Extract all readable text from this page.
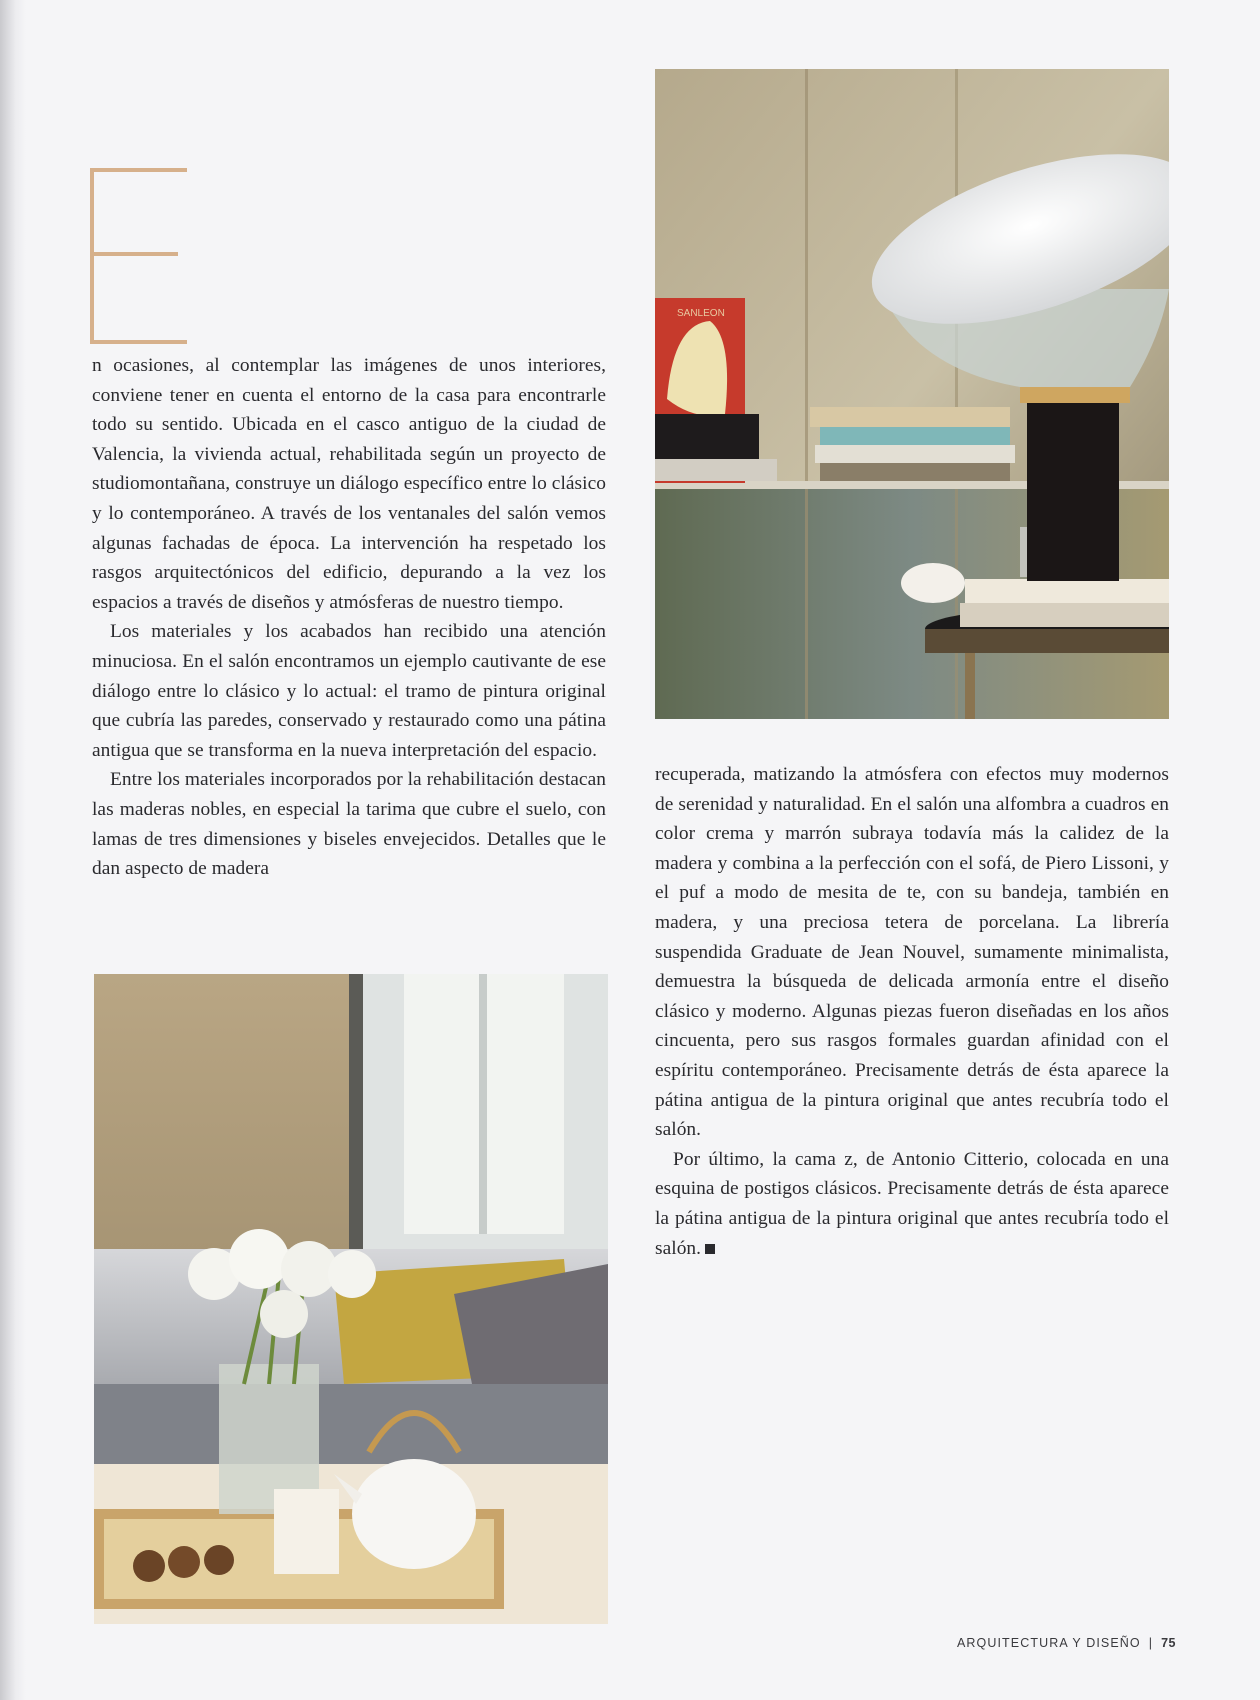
n ocasiones, al contemplar las imágenes de unos interiores, conviene tener en cuenta el entorno de la casa para encontrarle todo su sentido. Ubicada en el casco antiguo de la ciudad de Valencia, la vivienda actual, rehabilitada según un proyecto de studiomontañana, construye un diálogo específico entre lo clásico y lo contemporáneo. A través de los ventanales del salón vemos algunas fachadas de época. La intervención ha respetado los rasgos arquitectónicos del edificio, depurando a la vez los espacios a través de diseños y atmósferas de nuestro tiempo.

Los materiales y los acabados han recibido una atención minuciosa. En el salón encontramos un ejemplo cautivante de ese diálogo entre lo clásico y lo actual: el tramo de pintura original que cubría las paredes, conservado y restaurado como una pátina antigua que se transforma en la nueva interpretación del espacio.

Entre los materiales incorporados por la rehabilitación destacan las maderas nobles, en especial la tarima que cubre el suelo, con lamas de tres dimensiones y biseles envejecidos. Detalles que le dan aspecto de madera

SANLEON

recuperada, matizando la atmósfera con efectos muy modernos de serenidad y naturalidad. En el salón una alfombra a cuadros en color crema y marrón subraya todavía más la calidez de la madera y combina a la perfección con el sofá, de Piero Lissoni, y el puf a modo de mesita de te, con su bandeja, también en madera, y una preciosa tetera de porcelana. La librería suspendida Graduate de Jean Nouvel, sumamente minimalista, demuestra la búsqueda de delicada armonía entre el diseño clásico y moderno. Algunas piezas fueron diseñadas en los años cincuenta, pero sus rasgos formales guardan afinidad con el espíritu contemporáneo. Precisamente detrás de ésta aparece la pátina antigua de la pintura original que antes recubría todo el salón.

Por último, la cama z, de Antonio Citterio, colocada en una esquina de postigos clásicos. Precisamente detrás de ésta aparece la pátina antigua de la pintura original que antes recubría todo el salón.

ARQUITECTURA Y DISEÑO | 75
